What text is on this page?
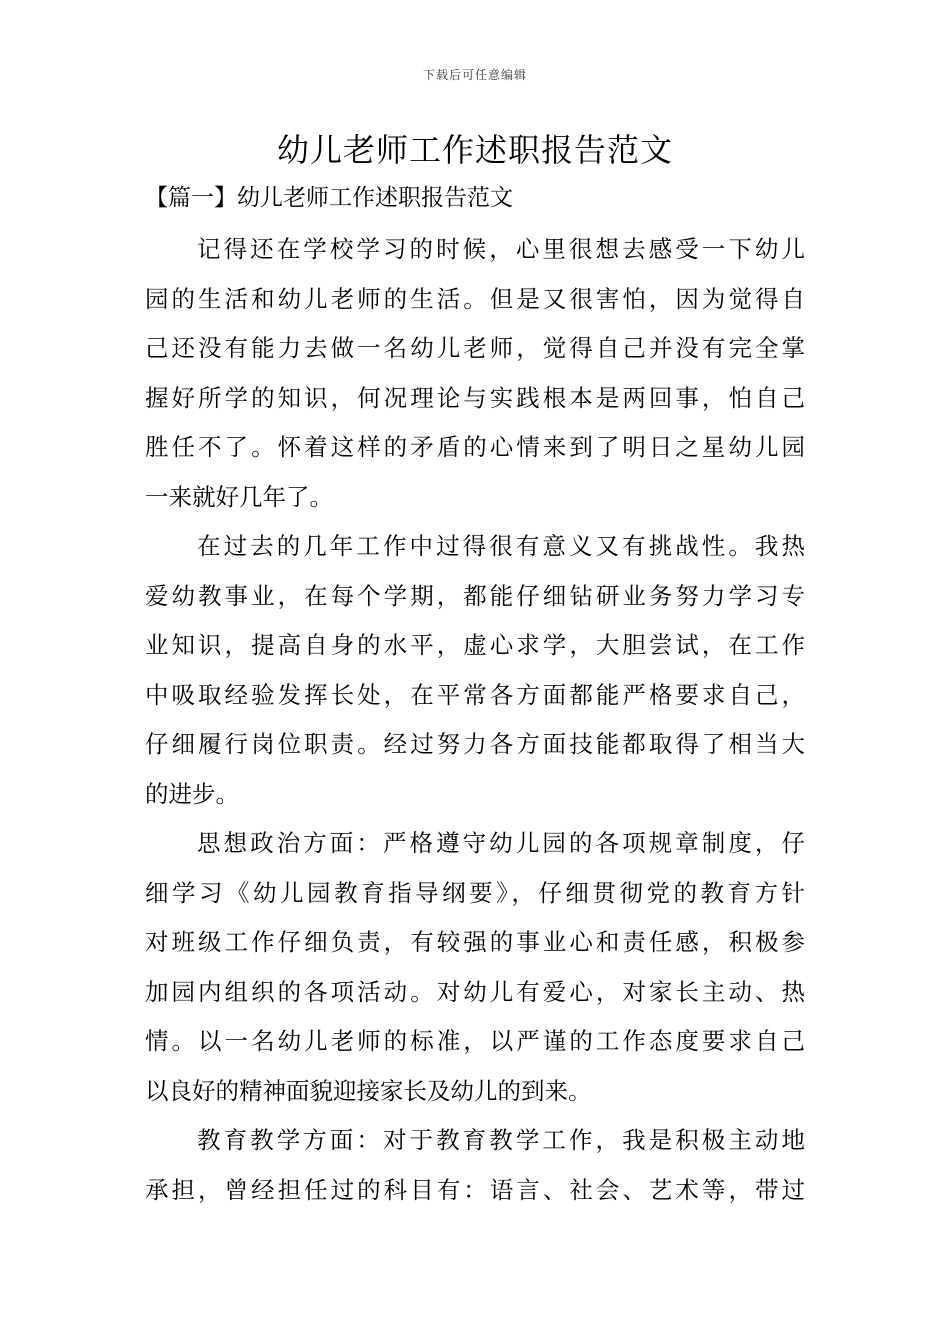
下载后可任意编辑
幼儿老师工作述职报告范文
【篇一】幼儿老师工作述职报告范文
记得还在学校学习的时候，心里很想去感受一下幼儿
园的生活和幼儿老师的生活。但是又很害怕，因为觉得自
己还没有能力去做一名幼儿老师，觉得自己并没有完全掌
握好所学的知识，何况理论与实践根本是两回事，怕自己
胜任不了。怀着这样的矛盾的心情来到了明日之星幼儿园
一来就好几年了。
在过去的几年工作中过得很有意义又有挑战性。我热
爱幼教事业，在每个学期，都能仔细钻研业务努力学习专
业知识，提高自身的水平，虚心求学，大胆尝试，在工作
中吸取经验发挥长处，在平常各方面都能严格要求自己，
仔细履行岗位职责。经过努力各方面技能都取得了相当大
的进步。
思想政治方面：严格遵守幼儿园的各项规章制度，仔
细学习《幼儿园教育指导纲要》，仔细贯彻党的教育方针
对班级工作仔细负责，有较强的事业心和责任感，积极参
加园内组织的各项活动。对幼儿有爱心，对家长主动、热
情。以一名幼儿老师的标准，以严谨的工作态度要求自己
以良好的精神面貌迎接家长及幼儿的到来。
教育教学方面：对于教育教学工作，我是积极主动地
承担，曾经担任过的科目有：语言、社会、艺术等，带过
